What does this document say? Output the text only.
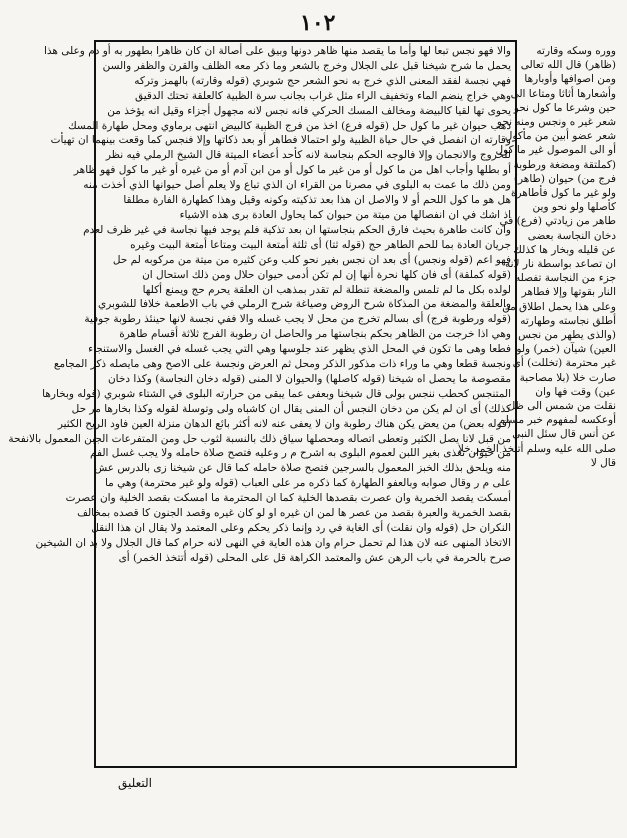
١٠٢
ووره وسكه وقارته
(ظاهر) قال الله تعالى
ومن اصوافها وأوبارها
وأشعارها أثاثا ومتاعا الى
حين وشرعا ما كول نحو
شعر غير ه ونجس ومنه نحو
شعر عضو أبين من مأكول
أو الى الموصول غير ما كول
(كملتقة ومضغة ورطوبة
فرج من) حيوان (طاهر)
ولو غير ما كول فأطاهرة
كأصلها ولو نحو وين
طاهر من زيادتي (فرع) في
دخان النجاسة بعضى
عن قليله وبخار ها كذلك
ان تصاعد بواسطة نار لانه
جزء من النجاسة تفصله
النار بقوتها وإلا فطاهر
وعلى هذا يحمل اطلاق من
أطلق نجاسته وطهارته
(والذى يطهر من نجس
العين) شيآن (خمر) ولو
غير محترمة (تخللت) أى
صارت خلا (بلا مصاحبة
عين) وقت فها وان
نقلت من شمس الى ظل
أوعكسه لمفهوم خبر مسلم
عن أنس قال سئل النبي
صلى الله عليه وسلم أتتخذ الخمر خلا
قال لا
والا فهو نجس تبعا لها وأما ما يقصد منها ظاهر دونها وبيق على أصالة ان كان ظاهرا بطهور به أو دم وعلى هذا
يحمل ما شرح شيخنا قبل على الجلال وخرج بالشعر وما ذكر معه الظلف والقرن والظفر والسن
فهي نجسة لفقد المعنى الذي خرج به نحو الشعر حج شوبري (قوله وقارته) بالهمز وتركه
وهي خراج ينضم الماء وتخفيف الراء مثل غراب بجانب سرة الظبية كالعلقة تحتك الدقيق
يحوى تها لقيا كالبيضة ومخالف المسك الحركي فانه نجس لانه مجهول أجزاء وقيل انه يؤخذ من
ذهب حيوان غير ما كول حل (قوله فرع) اخذ من فرج الظبية كالبيض انتهى برماوي ومحل طهارة المسك
وقارته ان انفصل في حال حياة الظبية ولو احتمالا فطاهر أو بعد ذكاتها وإلا فنجس كما وقعت بينهما ان تهيأت
للخروج والانجمان وإلا فالوجه الحكم بنجاسة لانه كأحد أعضاء الميتة قال الشيخ الرملي فيه نظر
أو بطلها وأجاب اهل من ما كول أو من غير ما كول أو من ابن آدم أو من غيره أو غير ما كول فهو ظاهر
ومن ذلك ما عمت به البلوى في مصرنا من القراء ان الذي تباع ولا يعلم أصل حيوانها الذي أخذت منه
هل هو ما كول اللحم أو لا والاصل ان هذا بعد تذكيته وكونه وقيل وهذا كطهارة الفارة مطلقا
اذ اشك في ان انفصالها من ميتة من حيوان كما يحاول العادة برى هذه الاشياء
وان كانت طاهرة بحيث فارق الحكم بنجاستها ان بعد تذكية فلم يوجد فيها نجاسة في غير ظرف لعدم
جريان العادة بما للحم الطاهر حج (قوله ثتا) أى ثلثة أمتعة البيت ومتاعا أمتعة البيت وغيره
فهو اعم (قوله ونجس) أى بعد ان نجس بغير نحو كلب وعن كثيره من ميتة من مركوبه لم حل
(قوله كملقة) أى فان كلها نحرة أنها إن لم تكن أدمى حيوان حلال ومن ذلك استحال ان
لولده بكل ما لم تلمس والمضغة تنطلة لم تقدر بمذهب ان العلقة يحرم حج ويمنع أكلها
والعلقة والمضغة من المذكاة شرح الروض وصياغة شرح الرملي في باب الاطعمة خلافا للشوبري
(قوله ورطوبة فرج) أى بسالم تخرج من محل لا يجب غسله والا ففي نجسة لانها حينئذ رطوبة جوفية
وهي اذا خرجت من الظاهر بحكم بنجاستها مر والحاصل ان رطوبة الفرج ثلاثة أقسام طاهرة
فطعا وهى ما تكون في المحل الذي يظهر عند جلوسها وهي التي يجب غسله في الغسل والاستنجاء
ونجسة قطعا وهي ما وراء ذات مذكور الذكر ومحل ثم العرض ونجسة على الاصح وهى مايصله ذكر المجامع
مقصوصة ما يحصل اه شيخنا (قوله كاصلها) والحيوان لا المنى (قوله دخان النجاسة) وكذا دخان
المتنجس كحطب ننجس بولى قال شيخنا وبعفى عما يبقى من حرارته البلوى في الشتاء شوبري (قوله وبخارها
كذلك) أى ان لم يكن من دخان النجس أن المنى يقال ان كاشباه ولى وتوسلة لقوله وكذا بخارها مر حل
(قوله بعض) من يعض يكن هناك رطوبة وان لا يعفى عنه لانه أكثر بائع الدهان منزلة العين فاود الريح الكثير
من قبل لانا يصل الكثير وتعطى اتصاله ومحصلها سياق ذلك بالنسبة لثوب حل ومن المتفرعات الجبن المعمول بالانفحة
من حيوان تغذى بغير اللبن لعموم البلوى به اشرح م ر وعليه فتصح صلاة حامله ولا يجب غسل الفم
منه ويلحق بذلك الخبز المعمول بالسرجين فتصح صلاة حامله كما قال عن شيخنا زى بالدرس عش
على م ر وقال صوابه وبالعفو الطهارة كما ذكره مر على العباب (قوله ولو غير محترمة) وهي ما
أمسكت يقصد الخمرية وان عصرت بقصدها الخلية كما ان المحترمة ما امسكت بقصد الخلية وان عصرت
بقصد الخمرية والعبرة بقصد من عصر ها لمن ان غيره او لو كان غيره وقصد الجنون كا قصده بمخالف
النكران حل (قوله وان نقلت) أى الغاية في رد وإنما ذكر يحكم وعلى المعتمد ولا يقال ان هذا النقل
الاتخاذ المنهى عنه لان هذا لم تحمل حرام وان هذه العاية في النهى لانه حرام كما قال الجلال ولا بد ان الشيخين
صرح بالحرمة في باب الرهن عش والمعتمد الكراهة قل على المحلى (قوله أتتخذ الخمر) أى
التعليق
